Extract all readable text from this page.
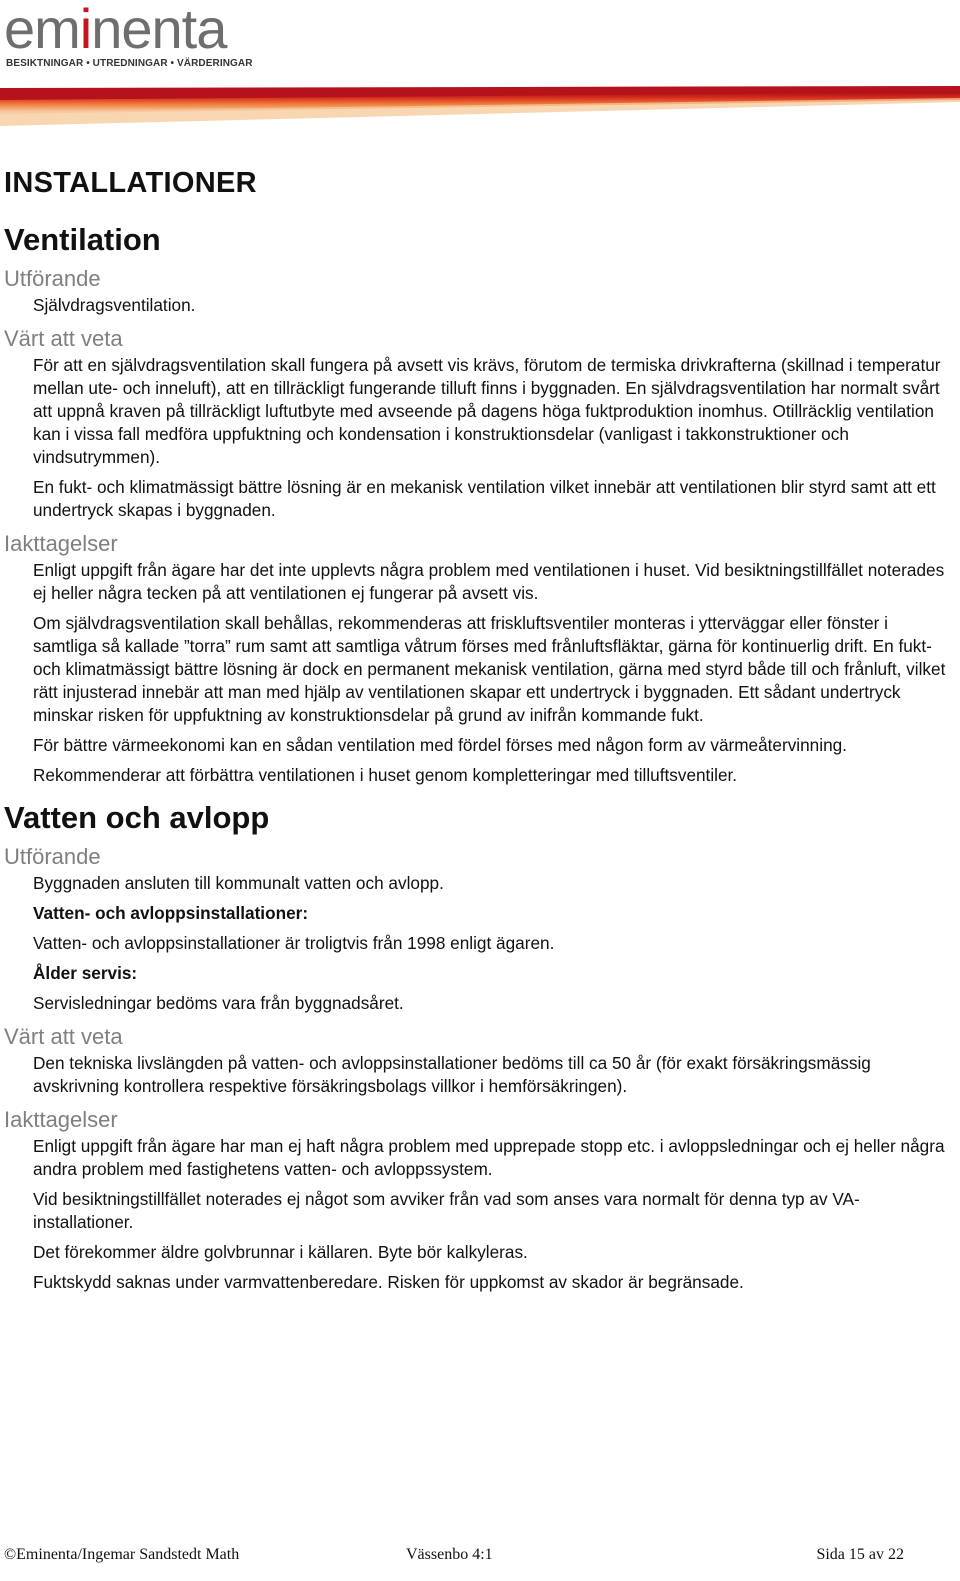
eminenta
BESIKTNINGAR • UTREDNINGAR • VÄRDERINGAR
INSTALLATIONER
Ventilation
Utförande

Självdragsventilation.

Värt att veta

För att en självdragsventilation skall fungera på avsett vis krävs, förutom de termiska drivkrafterna (skillnad i temperatur mellan ute- och inneluft), att en tillräckligt fungerande tilluft finns i byggnaden. En självdragsventilation har normalt svårt att uppnå kraven på tillräckligt luftutbyte med avseende på dagens höga fuktproduktion inomhus. Otillräcklig ventilation kan i vissa fall medföra uppfuktning och kondensation i konstruktionsdelar (vanligast i takkonstruktioner och vindsutrymmen).

En fukt- och klimatmässigt bättre lösning är en mekanisk ventilation vilket innebär att ventilationen blir styrd samt att ett undertryck skapas i byggnaden.

Iakttagelser

Enligt uppgift från ägare har det inte upplevts några problem med ventilationen i huset. Vid besiktningstillfället noterades ej heller några tecken på att ventilationen ej fungerar på avsett vis.

Om självdragsventilation skall behållas, rekommenderas att friskluftsventiler monteras i ytterväggar eller fönster i samtliga så kallade ”torra” rum samt att samtliga våtrum förses med frånluftsfläktar, gärna för kontinuerlig drift. En fukt- och klimatmässigt bättre lösning är dock en permanent mekanisk ventilation, gärna med styrd både till och frånluft, vilket rätt injusterad innebär att man med hjälp av ventilationen skapar ett undertryck i byggnaden. Ett sådant undertryck minskar risken för uppfuktning av konstruktionsdelar på grund av inifrån kommande fukt.

För bättre värmeekonomi kan en sådan ventilation med fördel förses med någon form av värmeåtervinning.

Rekommenderar att förbättra ventilationen i huset genom kompletteringar med tilluftsventiler.

Vatten och avlopp
Utförande

Byggnaden ansluten till kommunalt vatten och avlopp.

Vatten- och avloppsinstallationer:

Vatten- och avloppsinstallationer är troligtvis från 1998 enligt ägaren.

Ålder servis:

Servisledningar bedöms vara från byggnadsåret.

Värt att veta

Den tekniska livslängden på vatten- och avloppsinstallationer bedöms till ca 50 år (för exakt försäkringsmässig avskrivning kontrollera respektive försäkringsbolags villkor i hemförsäkringen).

Iakttagelser

Enligt uppgift från ägare har man ej haft några problem med upprepade stopp etc. i avloppsledningar och ej heller några andra problem med fastighetens vatten- och avloppssystem.

Vid besiktningstillfället noterades ej något som avviker från vad som anses vara normalt för denna typ av VA-installationer.

Det förekommer äldre golvbrunnar i källaren. Byte bör kalkyleras.

Fuktskydd saknas under varmvattenberedare. Risken för uppkomst av skador är begränsade.

©Eminenta/Ingemar Sandstedt Math	Vässenbo 4:1	Sida 15 av 22
